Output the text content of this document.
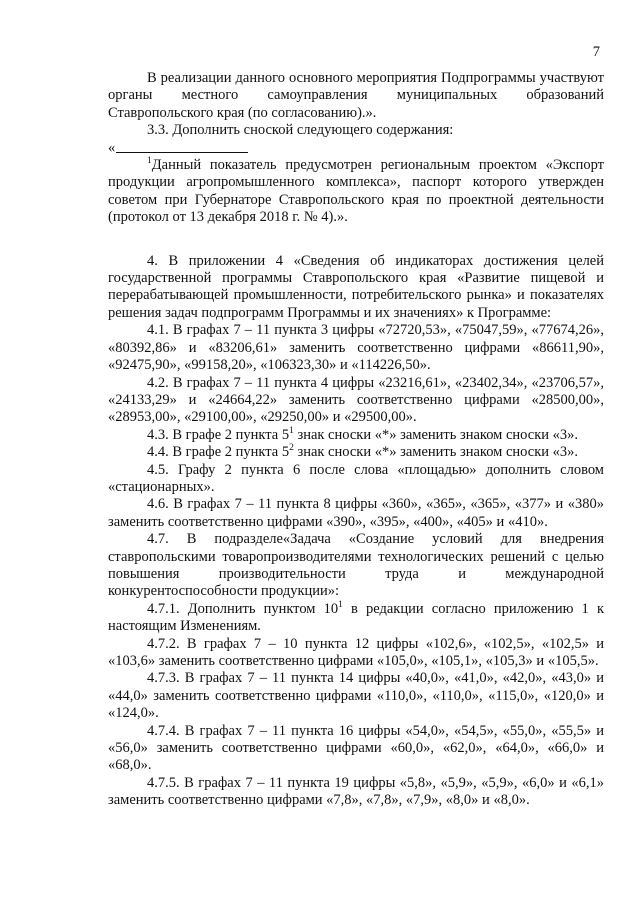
7

В реализации данного основного мероприятия Подпрограммы участвуют органы местного самоуправления муниципальных образований Ставропольского края (по согласованию).».

3.3. Дополнить сноской следующего содержания:

«

$^1$Данный показатель предусмотрен региональным проектом «Экспорт продукции агропромышленного комплекса», паспорт которого утвержден советом при Губернаторе Ставропольского края по проектной деятельности (протокол от 13 декабря 2018 г. № 4).».

4. В приложении 4 «Сведения об индикаторах достижения целей государственной программы Ставропольского края «Развитие пищевой и перерабатывающей промышленности, потребительского рынка» и показателях решения задач подпрограмм Программы и их значениях» к Программе:

4.1. В графах 7 – 11 пункта 3 цифры «72720,53», «75047,59», «77674,26», «80392,86» и «83206,61» заменить соответственно цифрами «86611,90», «92475,90», «99158,20», «106323,30» и «114226,50».

4.2. В графах 7 – 11 пункта 4 цифры «23216,61», «23402,34», «23706,57», «24133,29» и «24664,22» заменить соответственно цифрами «28500,00», «28953,00», «29100,00», «29250,00» и «29500,00».

4.3. В графе 2 пункта $5^1$ знак сноски «*» заменить знаком сноски «3».

4.4. В графе 2 пункта $5^2$ знак сноски «*» заменить знаком сноски «3».

4.5. Графу 2 пункта 6 после слова «площадью» дополнить словом «стационарных».

4.6. В графах 7 – 11 пункта 8 цифры «360», «365», «365», «377» и «380» заменить соответственно цифрами «390», «395», «400», «405» и «410».

4.7. В подразделе«Задача «Создание условий для внедрения ставропольскими товаропроизводителями технологических решений с целью повышения производительности труда и международной конкурентоспособности продукции»:

4.7.1. Дополнить пунктом $10^1$ в редакции согласно приложению 1 к настоящим Изменениям.

4.7.2. В графах 7 – 10 пункта 12 цифры «102,6», «102,5», «102,5» и «103,6» заменить соответственно цифрами «105,0», «105,1», «105,3» и «105,5».

4.7.3. В графах 7 – 11 пункта 14 цифры «40,0», «41,0», «42,0», «43,0» и «44,0» заменить соответственно цифрами «110,0», «110,0», «115,0», «120,0» и «124,0».

4.7.4. В графах 7 – 11 пункта 16 цифры «54,0», «54,5», «55,0», «55,5» и «56,0» заменить соответственно цифрами «60,0», «62,0», «64,0», «66,0» и «68,0».

4.7.5. В графах 7 – 11 пункта 19 цифры «5,8», «5,9», «5,9», «6,0» и «6,1» заменить соответственно цифрами «7,8», «7,8», «7,9», «8,0» и «8,0».
